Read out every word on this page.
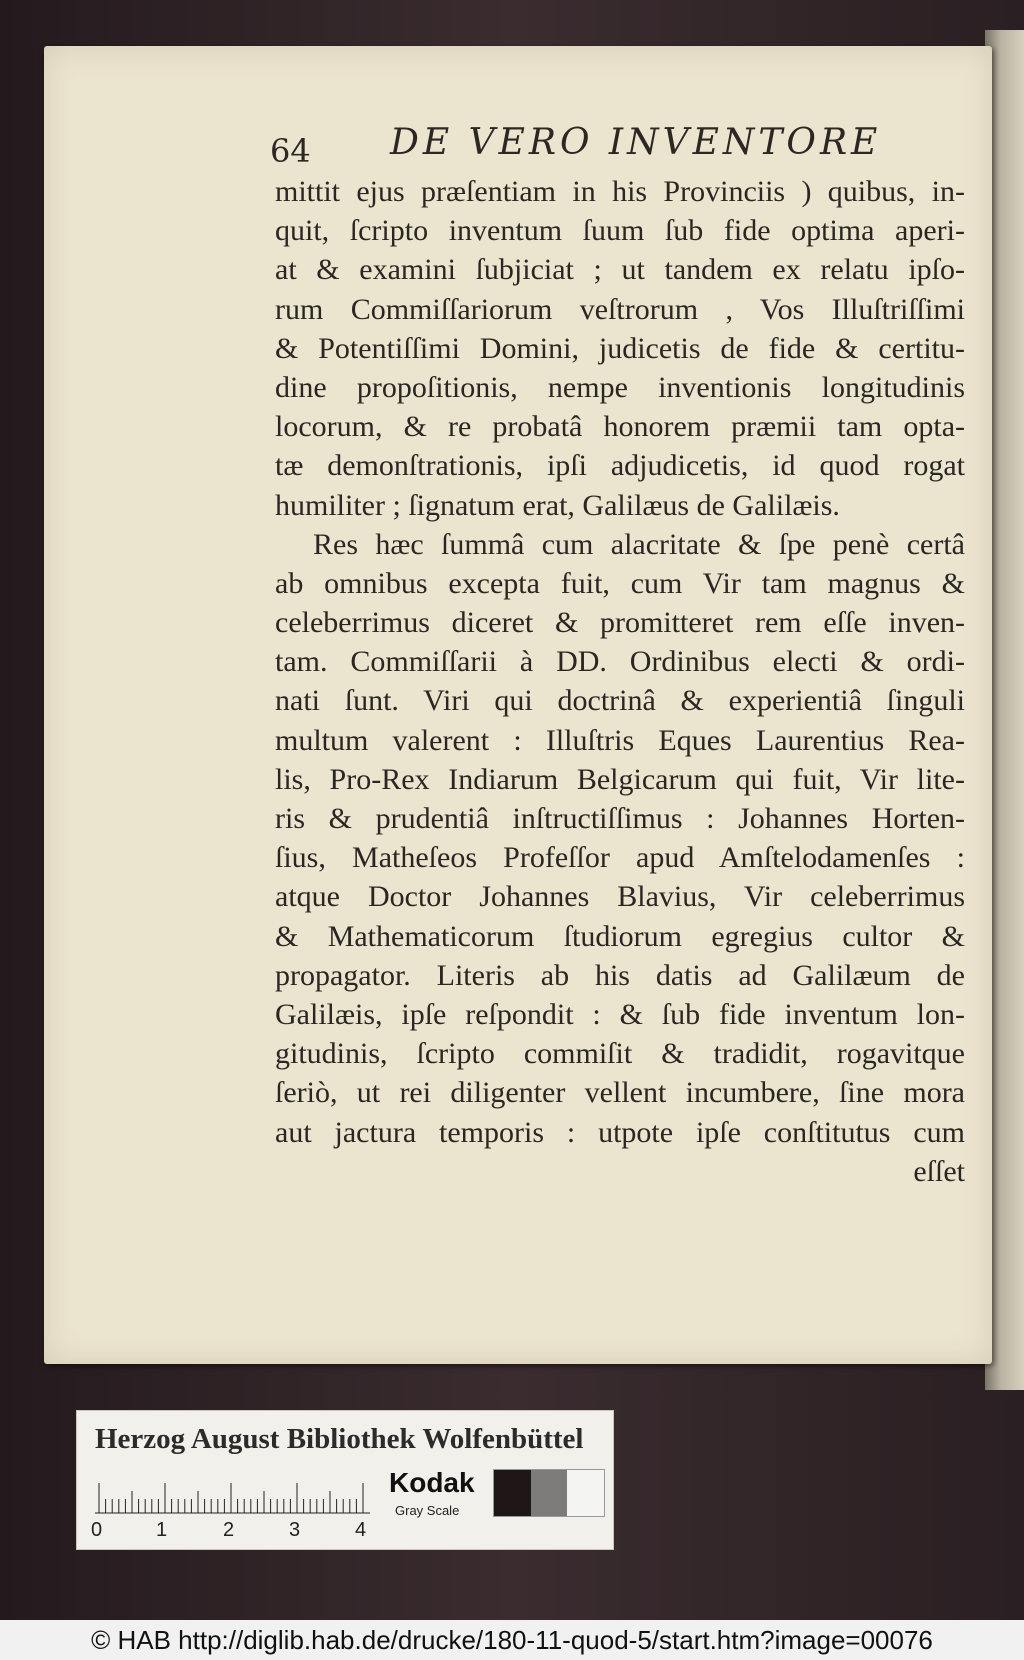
64 DE VERO INVENTORE
mittit ejus præſentiam in his Provinciis ) quibus, in-
quit, ſcripto inventum ſuum ſub fide optima aperi-
at & examini ſubjiciat ; ut tandem ex relatu ipſo-
rum Commiſſariorum veſtrorum , Vos Illuſtriſſimi
& Potentiſſimi Domini, judicetis de fide & certitu-
dine propoſitionis, nempe inventionis longitudinis
locorum, & re probatâ honorem præmii tam opta-
tæ demonſtrationis, ipſi adjudicetis, id quod rogat
humiliter ; ſignatum erat, Galilæus de Galilæis.
Res hæc ſummâ cum alacritate & ſpe penè certâ
ab omnibus excepta fuit, cum Vir tam magnus &
celeberrimus diceret & promitteret rem eſſe inven-
tam. Commiſſarii à DD. Ordinibus electi & ordi-
nati ſunt. Viri qui doctrinâ & experientiâ ſinguli
multum valerent : Illuſtris Eques Laurentius Rea-
lis, Pro-Rex Indiarum Belgicarum qui fuit, Vir lite-
ris & prudentiâ inſtructiſſimus : Johannes Horten-
ſius, Matheſeos Profeſſor apud Amſtelodamenſes :
atque Doctor Johannes Blavius, Vir celeberrimus
& Mathematicorum ſtudiorum egregius cultor &
propagator. Literis ab his datis ad Galilæum de
Galilæis, ipſe reſpondit : & ſub fide inventum lon-
gitudinis, ſcripto commiſit & tradidit, rogavitque
ſeriò, ut rei diligenter vellent incumbere, ſine mora
aut jactura temporis : utpote ipſe conſtitutus cum
eſſet
Herzog August Bibliothek Wolfenbüttel
0	1	2	3	4
Kodak
Gray Scale
© HAB http://diglib.hab.de/drucke/180-11-quod-5/start.htm?image=00076
